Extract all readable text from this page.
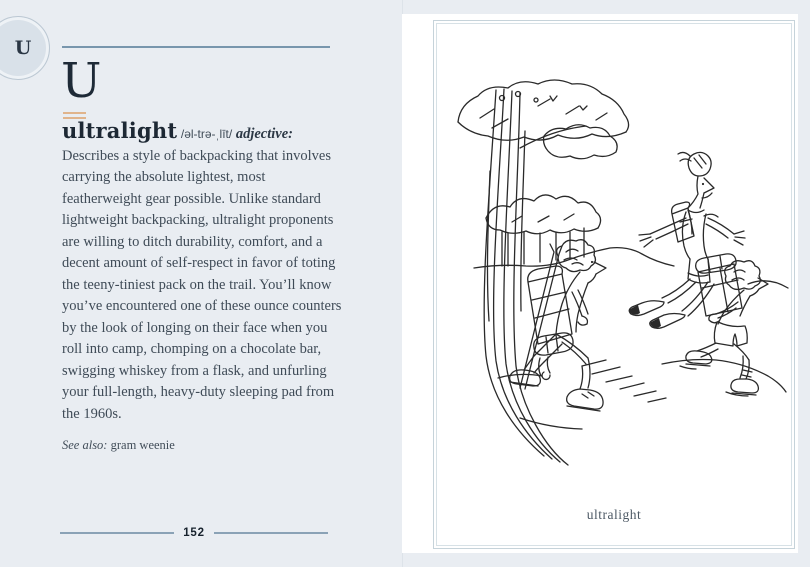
U
U

ultralight /əl-trə-ˌlīt/ adjective: Describes a style of backpacking that involves carrying the absolute lightest, most featherweight gear possible. Unlike standard lightweight backpacking, ultralight proponents are willing to ditch durability, comfort, and a decent amount of self-respect in favor of toting the teeny-tiniest pack on the trail. You’ll know you’ve encountered one of these ounce counters by the look of longing on their face when you roll into camp, chomping on a chocolate bar, swigging whiskey from a flask, and unfurling your full-length, heavy-duty sleeping pad from the 1960s.

See also: gram weenie

152
ultralight
